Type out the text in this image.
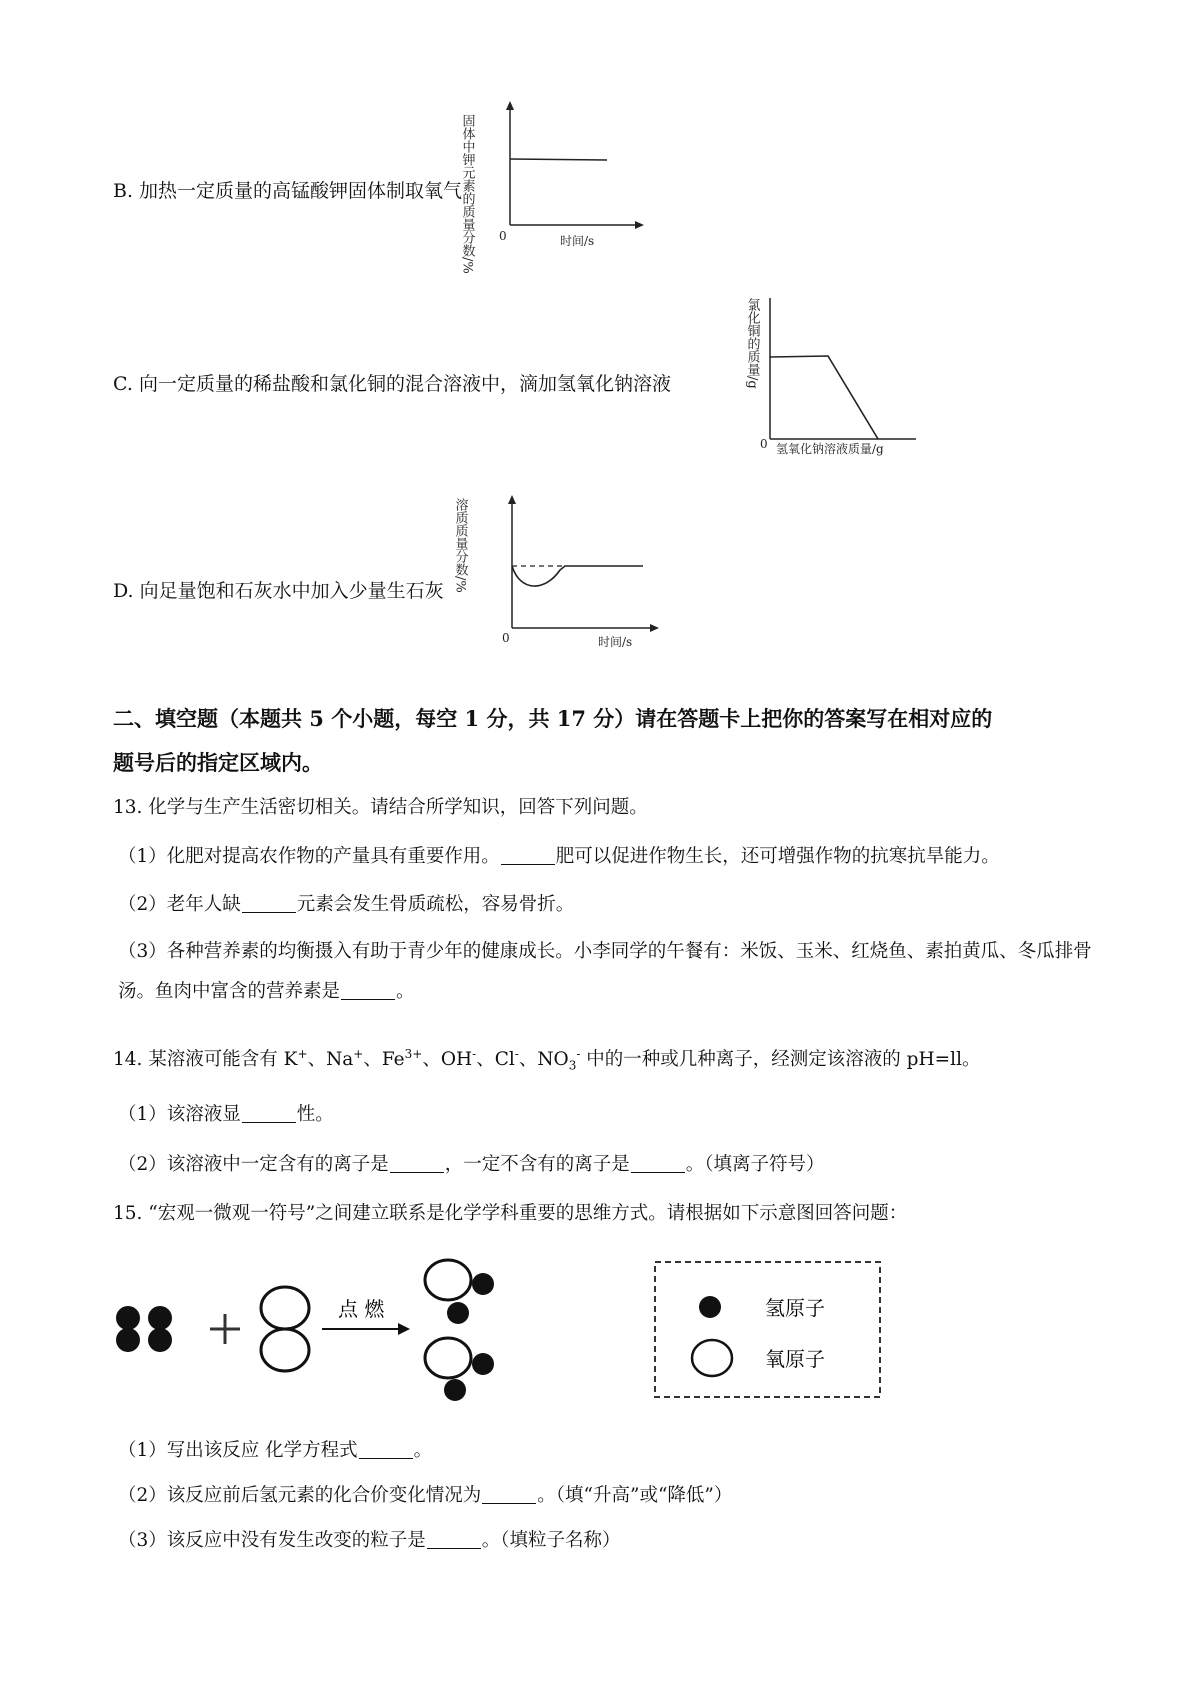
B. 加热一定质量的高锰酸钾固体制取氧气
固体中钾元素的质量分数/% 0	时间/s
C. 向一定质量的稀盐酸和氯化铜的混合溶液中，滴加氢氧化钠溶液	氯化铜的质量/g
0 氢氧化钠溶液质量/g
D. 向足量饱和石灰水中加入少量生石灰 溶质质量分数/%
0	时间/s
二、填空题（本题共 5 个小题，每空 1 分，共 17 分）请在答题卡上把你的答案写在相对应的
题号后的指定区域内。
13. 化学与生产生活密切相关。请结合所学知识，回答下列问题。
（1）化肥对提高农作物的产量具有重要作用。	肥可以促进作物生长，还可增强作物的抗寒抗旱能力。
（2）老年人缺	元素会发生骨质疏松，容易骨折。
（3）各种营养素的均衡摄入有助于青少年的健康成长。小李同学的午餐有：米饭、玉米、红烧鱼、素拍黄瓜、冬瓜排骨汤。鱼肉中富含的营养素是	。
14. 某溶液可能含有 K+、Na+、$Fe^{3+}$、OH-、Cl-、$NO_3^-$ 中的一种或几种离子，经测定该溶液的 pH=ll。
（1）该溶液显	性。
（2）该溶液中一定含有的离子是	，一定不含有的离子是	。（填离子符号）
15. “宏观一微观一符号”之间建立联系是化学学科重要的思维方式。请根据如下示意图回答问题：
点 燃	氢原子
氧原子
（1）写出该反应 化学方程式	。
（2）该反应前后氢元素的化合价变化情况为	。（填“升高”或“降低”）
（3）该反应中没有发生改变的粒子是	。（填粒子名称）
